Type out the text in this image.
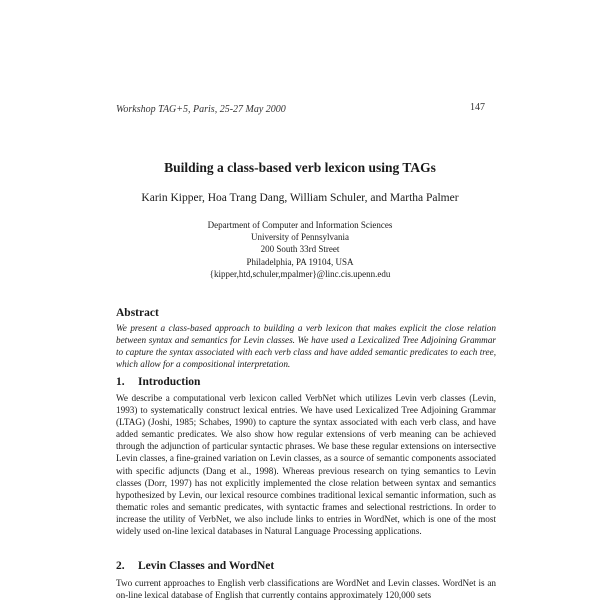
Workshop TAG+5, Paris, 25-27 May 2000	147
Building a class-based verb lexicon using TAGs
Karin Kipper, Hoa Trang Dang, William Schuler, and Martha Palmer
Department of Computer and Information Sciences
University of Pennsylvania
200 South 33rd Street
Philadelphia, PA 19104, USA
{kipper,htd,schuler,mpalmer}@linc.cis.upenn.edu
Abstract

We present a class-based approach to building a verb lexicon that makes explicit the close relation between syntax and semantics for Levin classes. We have used a Lexicalized Tree Adjoining Grammar to capture the syntax associated with each verb class and have added semantic predicates to each tree, which allow for a compositional interpretation.

1. Introduction

We describe a computational verb lexicon called VerbNet which utilizes Levin verb classes (Levin, 1993) to systematically construct lexical entries. We have used Lexicalized Tree Adjoining Grammar (LTAG) (Joshi, 1985; Schabes, 1990) to capture the syntax associated with each verb class, and have added semantic predicates. We also show how regular extensions of verb meaning can be achieved through the adjunction of particular syntactic phrases. We base these regular extensions on intersective Levin classes, a fine-grained variation on Levin classes, as a source of semantic components associated with specific adjuncts (Dang et al., 1998). Whereas previous research on tying semantics to Levin classes (Dorr, 1997) has not explicitly implemented the close relation between syntax and semantics hypothesized by Levin, our lexical resource combines traditional lexical semantic information, such as thematic roles and semantic predicates, with syntactic frames and selectional restrictions. In order to increase the utility of VerbNet, we also include links to entries in WordNet, which is one of the most widely used on-line lexical databases in Natural Language Processing applications.

2. Levin Classes and WordNet

Two current approaches to English verb classifications are WordNet and Levin classes. WordNet is an on-line lexical database of English that currently contains approximately 120,000 sets
